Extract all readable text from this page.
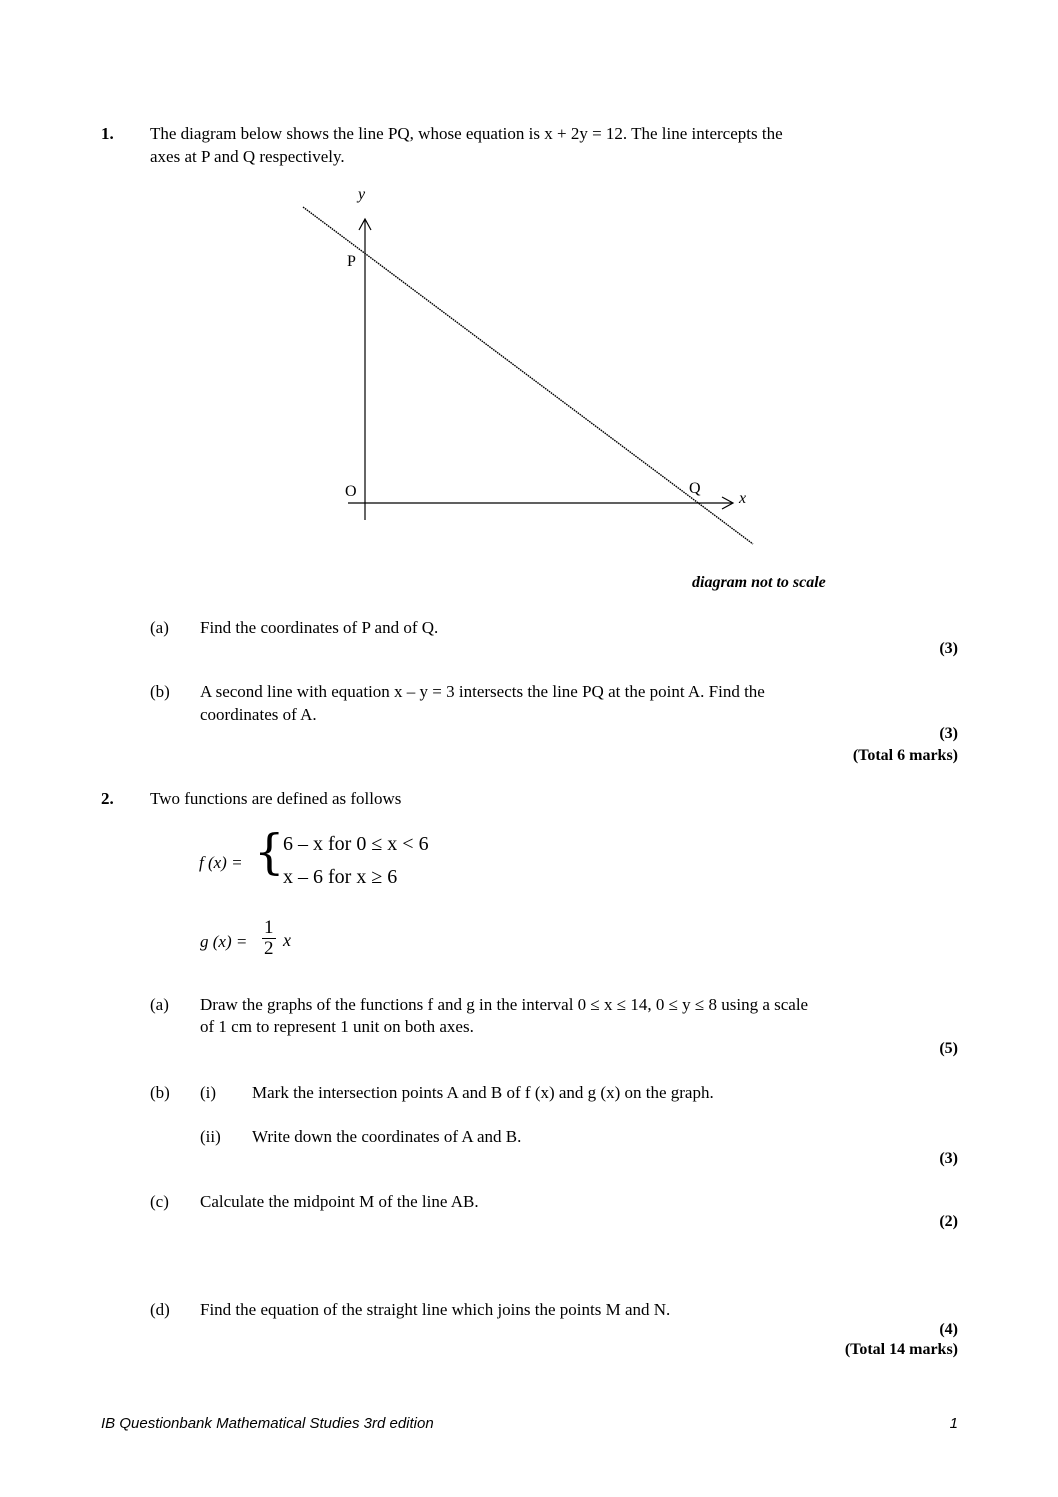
1. The diagram below shows the line PQ, whose equation is x + 2y = 12. The line intercepts the
axes at P and Q respectively.
y
P
O	Q
x
diagram not to scale
(a) Find the coordinates of P and of Q.
(3)
(b) A second line with equation x – y = 3 intersects the line PQ at the point A. Find the
coordinates of A.
(3)
(Total 6 marks)
2. Two functions are defined as follows
f (x) = {
6 – x for 0 ≤ x < 6
x – 6 for x ≥ 6
g $(x) = \frac{1}{2}$ x
(a) Draw the graphs of the functions f and g in the interval 0 ≤ x ≤ 14, 0 ≤ y ≤ 8 using a scale
of 1 cm to represent 1 unit on both axes.
(5)
(b) (i) Mark the intersection points A and B of f (x) and g (x) on the graph.
(ii) Write down the coordinates of A and B.
(3)
(c) Calculate the midpoint M of the line AB.
(2)
(d) Find the equation of the straight line which joins the points M and N.
(4)
(Total 14 marks)
IB Questionbank Mathematical Studies 3rd edition	1
